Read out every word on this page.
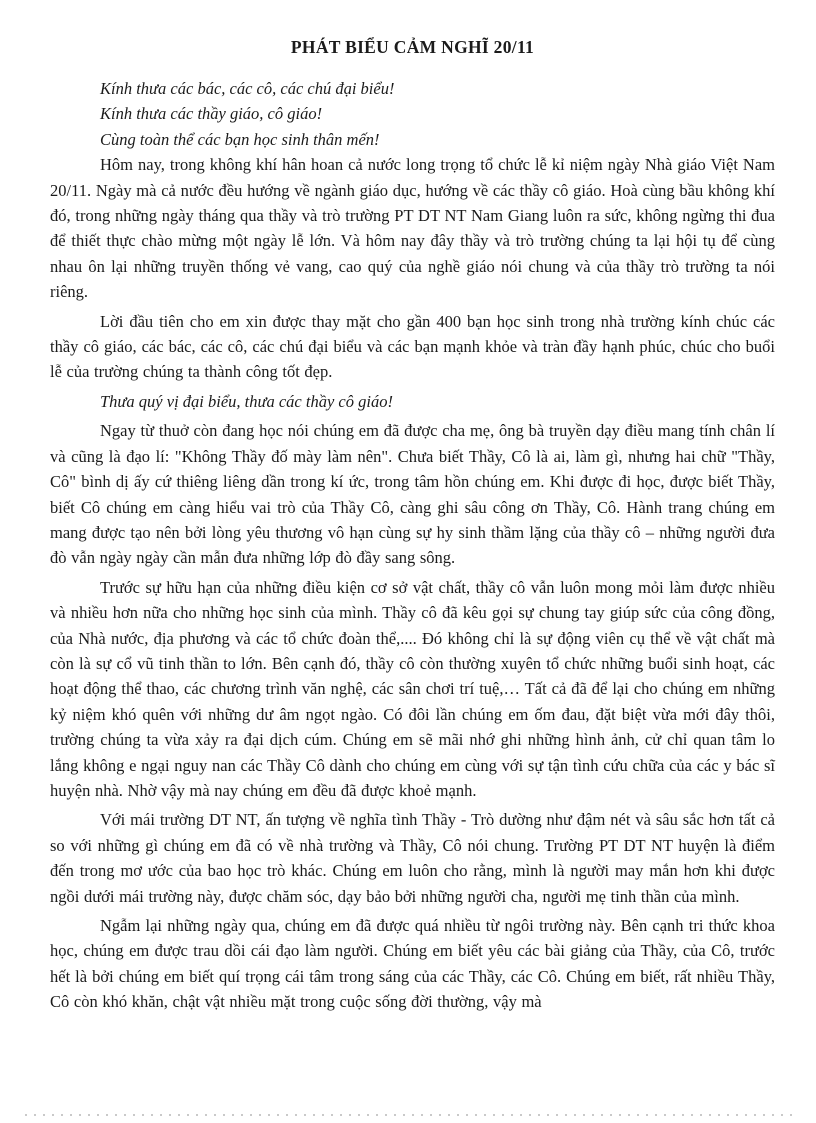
PHÁT BIỂU CẢM NGHĨ 20/11

Kính thưa các bác, các cô, các chú đại biểu!

Kính thưa các thầy giáo, cô giáo!

Cùng toàn thể các bạn học sinh thân mến!

Hôm nay, trong không khí hân hoan cả nước long trọng tổ chức lễ kỉ niệm ngày Nhà giáo Việt Nam 20/11. Ngày mà cả nước đều hướng về ngành giáo dục, hướng về các thầy cô giáo. Hoà cùng bầu không khí đó, trong những ngày tháng qua thầy và trò trường PT DT NT Nam Giang luôn ra sức, không ngừng thi đua để thiết thực chào mừng một ngày lễ lớn. Và hôm nay đây thầy và trò trường chúng ta lại hội tụ để cùng nhau ôn lại những truyền thống vẻ vang, cao quý của nghề giáo nói chung và của thầy trò trường ta nói riêng.

Lời đầu tiên cho em xin được thay mặt cho gần 400 bạn học sinh trong nhà trường kính chúc các thầy cô giáo, các bác, các cô, các chú đại biểu và các bạn mạnh khỏe và tràn đầy hạnh phúc, chúc cho buổi lễ của trường chúng ta thành công tốt đẹp.

Thưa quý vị đại biểu, thưa các thầy cô giáo!

Ngay từ thuở còn đang học nói chúng em đã được cha mẹ, ông bà truyền dạy điều mang tính chân lí và cũng là đạo lí: "Không Thầy đố mày làm nên". Chưa biết Thầy, Cô là ai, làm gì, nhưng hai chữ "Thầy, Cô" bình dị ấy cứ thiêng liêng dần trong kí ức, trong tâm hồn chúng em. Khi được đi học, được biết Thầy, biết Cô chúng em càng hiểu vai trò của Thầy Cô, càng ghi sâu công ơn Thầy, Cô. Hành trang chúng em mang được tạo nên bởi lòng yêu thương vô hạn cùng sự hy sinh thầm lặng của thầy cô – những người đưa đò vẫn ngày ngày cần mẫn đưa những lớp đò đầy sang sông.

Trước sự hữu hạn của những điều kiện cơ sở vật chất, thầy cô vẫn luôn mong mỏi làm được nhiều và nhiều hơn nữa cho những học sinh của mình. Thầy cô đã kêu gọi sự chung tay giúp sức của công đồng, của Nhà nước, địa phương và các tổ chức đoàn thể,.... Đó không chỉ là sự động viên cụ thể về vật chất mà còn là sự cổ vũ tinh thần to lớn. Bên cạnh đó, thầy cô còn thường xuyên tổ chức những buổi sinh hoạt, các hoạt động thể thao, các chương trình văn nghệ, các sân chơi trí tuệ,… Tất cả đã để lại cho chúng em những kỷ niệm khó quên với những dư âm ngọt ngào. Có đôi lần chúng em ốm đau, đặt biệt vừa mới đây thôi, trường chúng ta vừa xảy ra đại dịch cúm. Chúng em sẽ mãi nhớ ghi những hình ảnh, cử chỉ quan tâm lo lắng không e ngại nguy nan các Thầy Cô dành cho chúng em cùng với sự tận tình cứu chữa của các y bác sĩ huyện nhà. Nhờ vậy mà nay chúng em đều đã được khoẻ mạnh.

Với mái trường DT NT, ấn tượng về nghĩa tình Thầy - Trò dường như đậm nét và sâu sắc hơn tất cả so với những gì chúng em đã có về nhà trường và Thầy, Cô nói chung. Trường PT DT NT huyện là điểm đến trong mơ ước của bao học trò khác. Chúng em luôn cho rằng, mình là người may mắn hơn khi được ngồi dưới mái trường này, được chăm sóc, dạy bảo bởi những người cha, người mẹ tinh thần của mình.

Ngẫm lại những ngày qua, chúng em đã được quá nhiều từ ngôi trường này. Bên cạnh tri thức khoa học, chúng em được trau dồi cái đạo làm người. Chúng em biết yêu các bài giảng của Thầy, của Cô, trước hết là bởi chúng em biết quí trọng cái tâm trong sáng của các Thầy, các Cô. Chúng em biết, rất nhiều Thầy, Cô còn khó khăn, chật vật nhiều mặt trong cuộc sống đời thường, vậy mà
